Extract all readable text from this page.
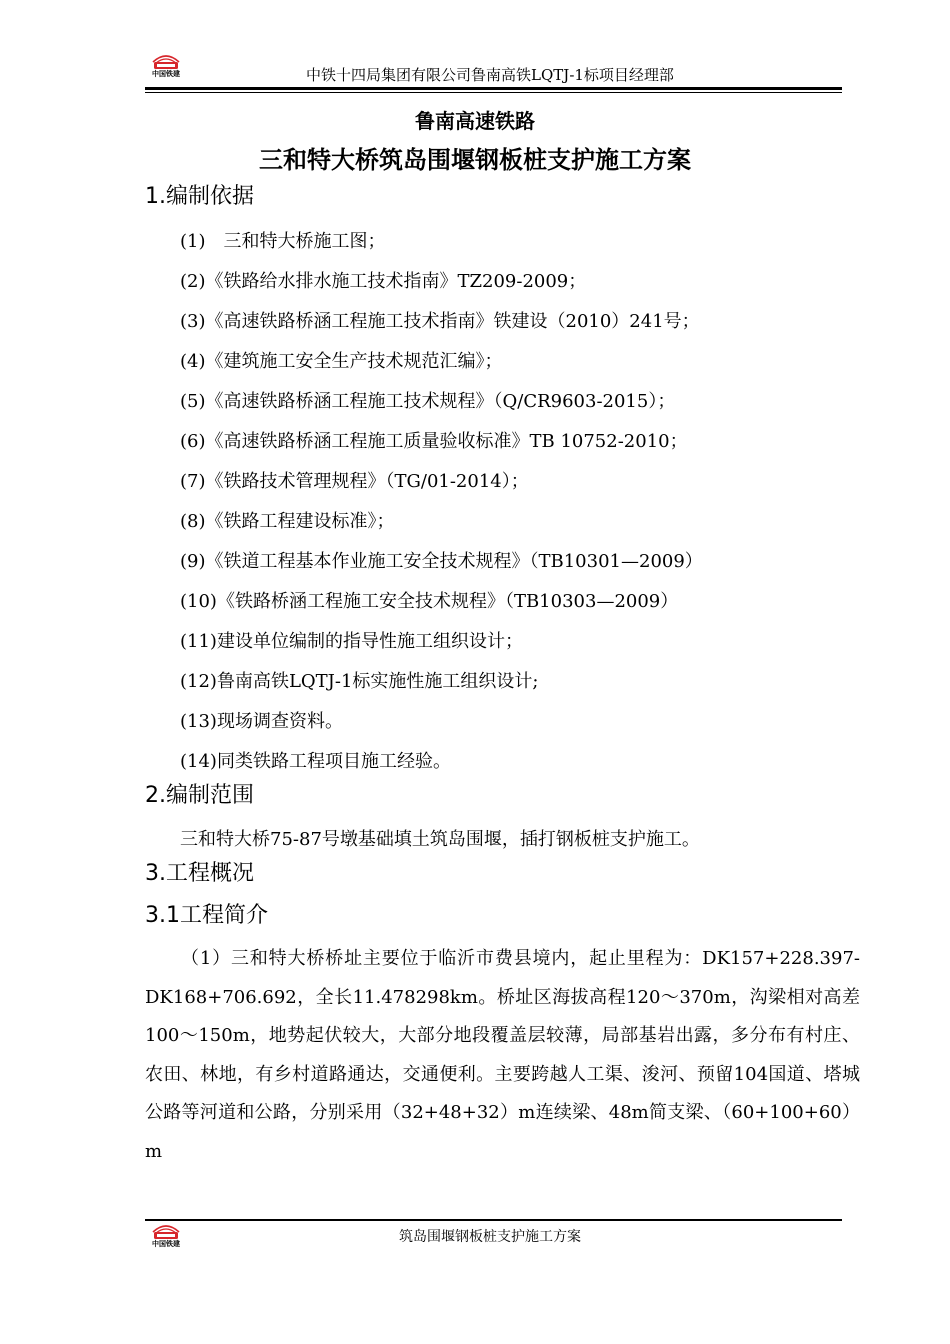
中国铁建	中铁十四局集团有限公司鲁南高铁LQTJ-1标项目经理部
鲁南高速铁路
三和特大桥筑岛围堰钢板桩支护施工方案
1.编制依据
(1)　三和特大桥施工图；
(2)《铁路给水排水施工技术指南》TZ209-2009；
(3)《高速铁路桥涵工程施工技术指南》铁建设（2010）241号；
(4)《建筑施工安全生产技术规范汇编》；
(5)《高速铁路桥涵工程施工技术规程》（Q/CR9603-2015）；
(6)《高速铁路桥涵工程施工质量验收标准》TB 10752-2010；
(7)《铁路技术管理规程》（TG/01-2014）；
(8)《铁路工程建设标准》；
(9)《铁道工程基本作业施工安全技术规程》（TB10301—2009）
(10)《铁路桥涵工程施工安全技术规程》（TB10303—2009）
(11)建设单位编制的指导性施工组织设计；
(12)鲁南高铁LQTJ-1标实施性施工组织设计;
(13)现场调查资料。
(14)同类铁路工程项目施工经验。
2.编制范围
三和特大桥75-87号墩基础填土筑岛围堰，插打钢板桩支护施工。
3.工程概况
3.1工程简介

（1）三和特大桥桥址主要位于临沂市费县境内，起止里程为：DK157+228.397-DK168+706.692，全长11.478298km。桥址区海拔高程120～370m，沟梁相对高差100～150m，地势起伏较大，大部分地段覆盖层较薄，局部基岩出露，多分布有村庄、农田、林地，有乡村道路通达，交通便利。主要跨越人工渠、浚河、预留104国道、塔城公路等河道和公路，分别采用（32+48+32）m连续梁、48m简支梁、（60+100+60）m

中国铁建	筑岛围堰钢板桩支护施工方案
